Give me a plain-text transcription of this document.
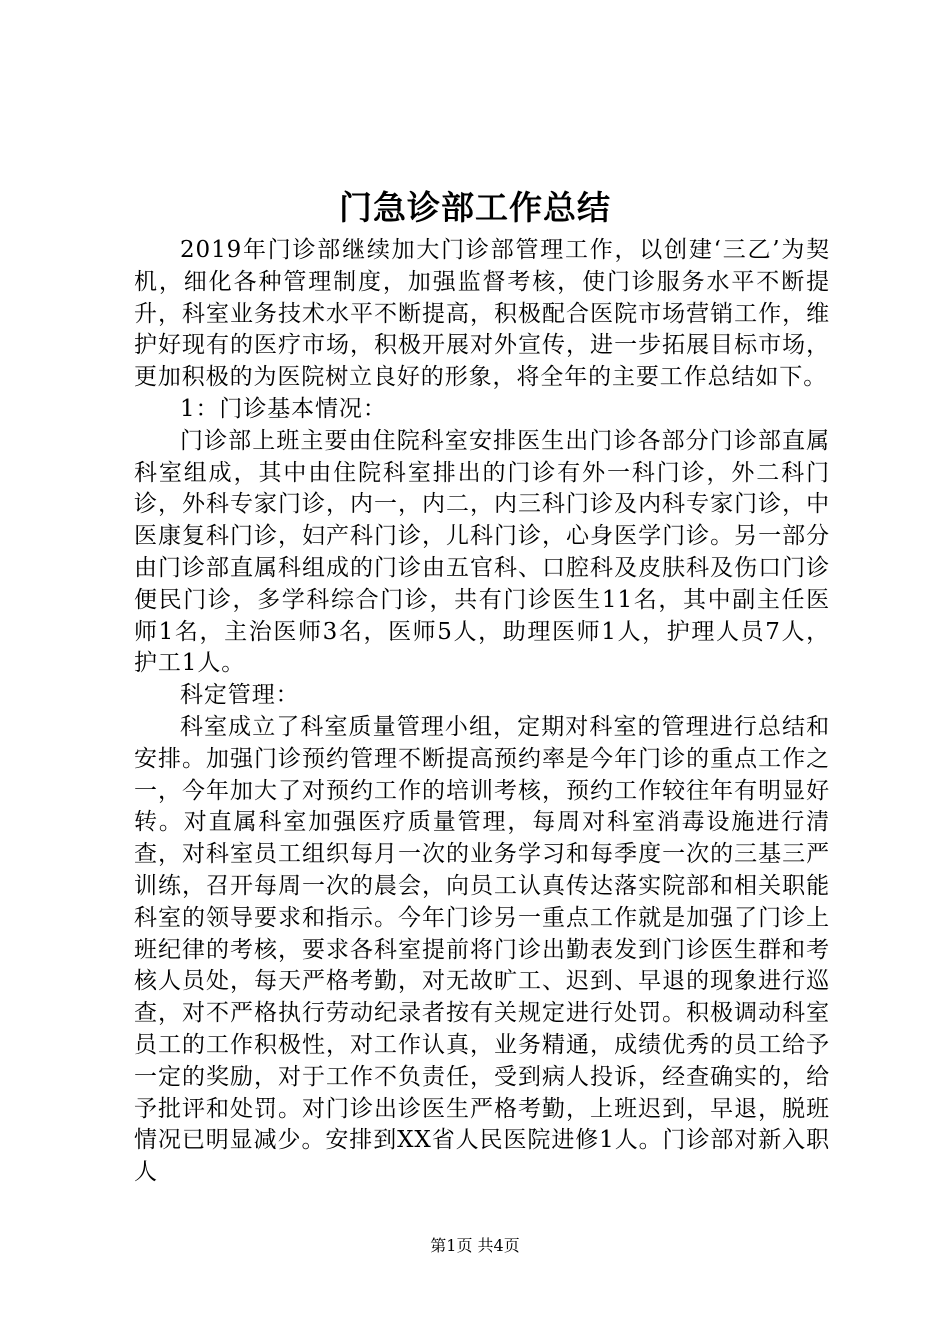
门急诊部工作总结

2019年门诊部继续加大门诊部管理工作，以创建‘三乙’为契机，细化各种管理制度，加强监督考核，使门诊服务水平不断提升，科室业务技术水平不断提高，积极配合医院市场营销工作，维护好现有的医疗市场，积极开展对外宣传，进一步拓展目标市场，更加积极的为医院树立良好的形象，将全年的主要工作总结如下。

1：门诊基本情况：

门诊部上班主要由住院科室安排医生出门诊各部分门诊部直属科室组成，其中由住院科室排出的门诊有外一科门诊，外二科门诊，外科专家门诊，内一，内二，内三科门诊及内科专家门诊，中医康复科门诊，妇产科门诊，儿科门诊，心身医学门诊。另一部分由门诊部直属科组成的门诊由五官科、口腔科及皮肤科及伤口门诊便民门诊，多学科综合门诊，共有门诊医生11名，其中副主任医师1名，主治医师3名，医师5人，助理医师1人，护理人员7人，护工1人。

科定管理：

科室成立了科室质量管理小组，定期对科室的管理进行总结和安排。加强门诊预约管理不断提高预约率是今年门诊的重点工作之一，今年加大了对预约工作的培训考核，预约工作较往年有明显好转。对直属科室加强医疗质量管理，每周对科室消毒设施进行清查，对科室员工组织每月一次的业务学习和每季度一次的三基三严训练，召开每周一次的晨会，向员工认真传达落实院部和相关职能科室的领导要求和指示。今年门诊另一重点工作就是加强了门诊上班纪律的考核，要求各科室提前将门诊出勤表发到门诊医生群和考核人员处，每天严格考勤，对无故旷工、迟到、早退的现象进行巡查，对不严格执行劳动纪录者按有关规定进行处罚。积极调动科室员工的工作积极性，对工作认真，业务精通，成绩优秀的员工给予一定的奖励，对于工作不负责任，受到病人投诉，经查确实的，给予批评和处罚。对门诊出诊医生严格考勤，上班迟到，早退，脱班情况已明显减少。安排到XX省人民医院进修1人。门诊部对新入职人

第1页 共4页
